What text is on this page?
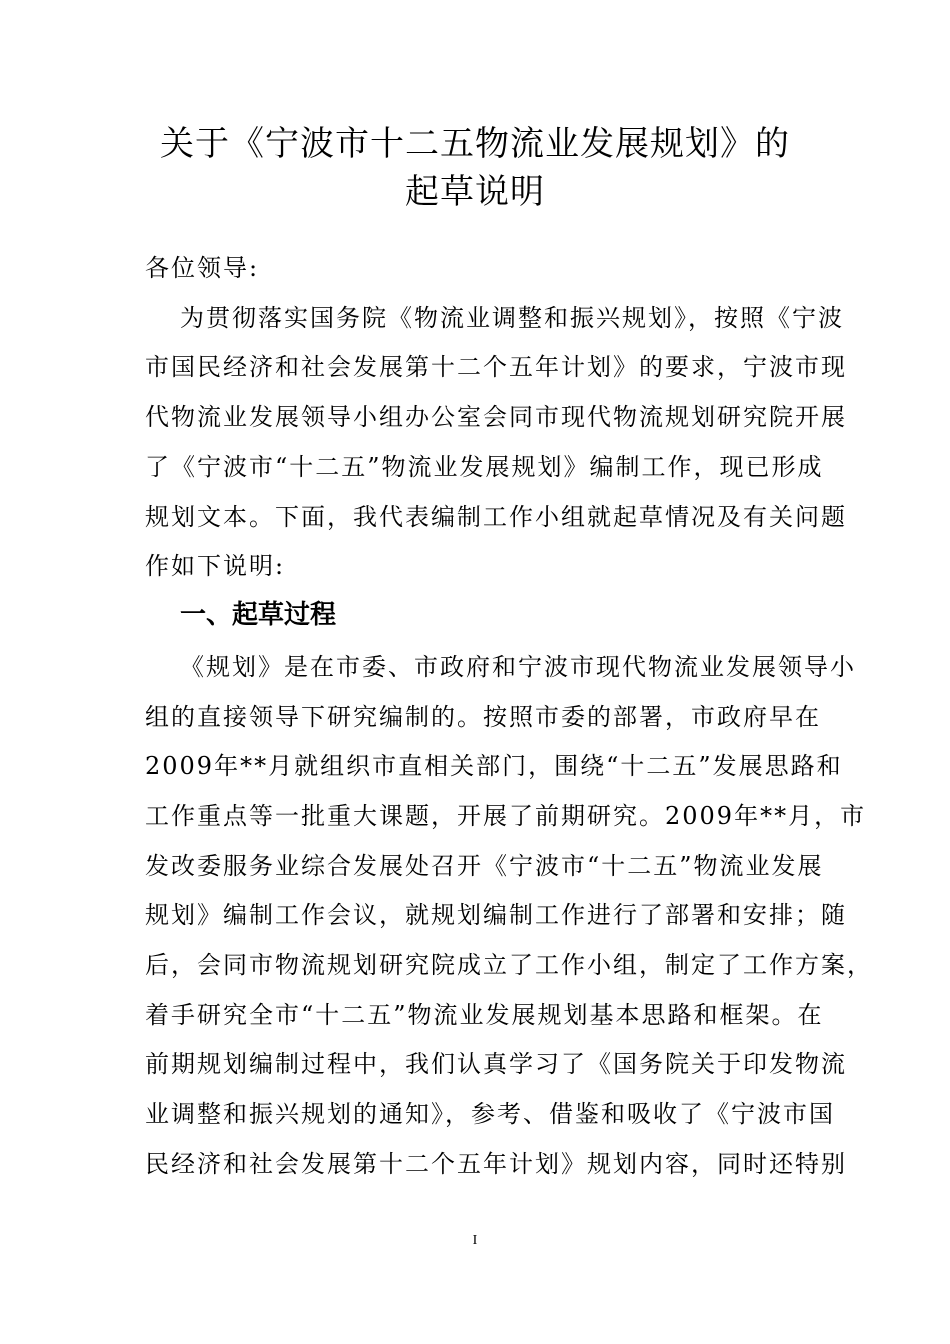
关于《宁波市十二五物流业发展规划》的
起草说明
各位领导:
为贯彻落实国务院《物流业调整和振兴规划》，按照《宁波
市国民经济和社会发展第十二个五年计划》的要求，宁波市现
代物流业发展领导小组办公室会同市现代物流规划研究院开展
了《宁波市“十二五”物流业发展规划》编制工作，现已形成
规划文本。下面，我代表编制工作小组就起草情况及有关问题
作如下说明:
一、起草过程
《规划》是在市委、市政府和宁波市现代物流业发展领导小
组的直接领导下研究编制的。按照市委的部署，市政府早在
2009年**月就组织市直相关部门，围绕“十二五”发展思路和
工作重点等一批重大课题，开展了前期研究。2009年**月，市
发改委服务业综合发展处召开《宁波市“十二五”物流业发展
规划》编制工作会议，就规划编制工作进行了部署和安排；随
后，会同市物流规划研究院成立了工作小组，制定了工作方案，
着手研究全市“十二五”物流业发展规划基本思路和框架。在
前期规划编制过程中，我们认真学习了《国务院关于印发物流
业调整和振兴规划的通知》，参考、借鉴和吸收了《宁波市国
民经济和社会发展第十二个五年计划》规划内容，同时还特别
I
